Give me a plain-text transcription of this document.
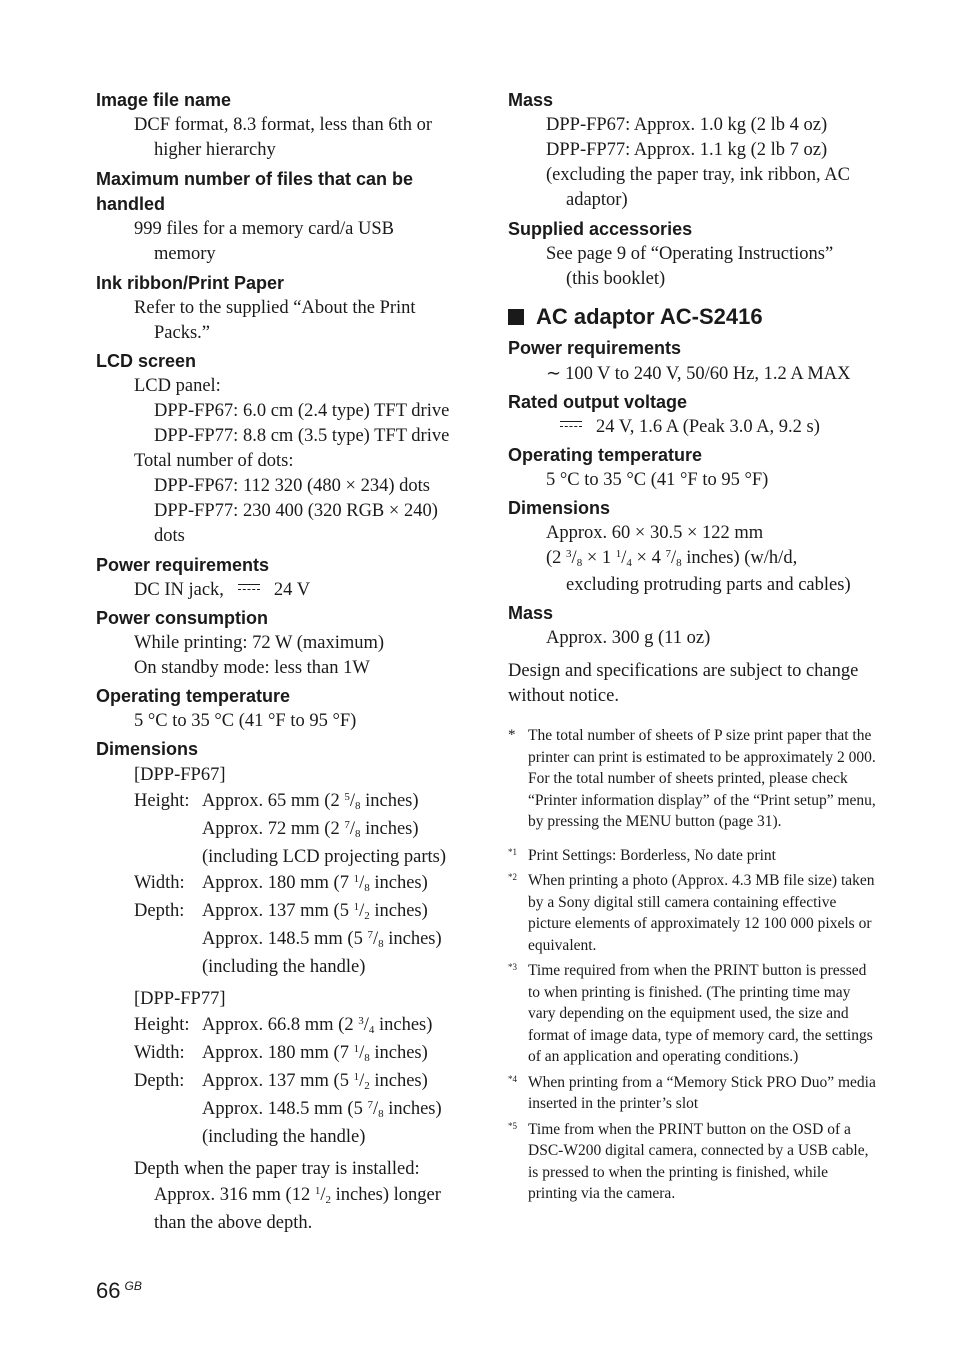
Image file name

DCF format, 8.3 format, less than 6th or

higher hierarchy

Maximum number of files that can be

handled

999 files for a memory card/a USB

memory

Ink ribbon/Print Paper

Refer to the supplied “About the Print

Packs.”

LCD screen

LCD panel:

DPP-FP67: 6.0 cm (2.4 type) TFT drive

DPP-FP77: 8.8 cm (3.5 type) TFT drive

Total number of dots:

DPP-FP67: 112 320 (480 × 234) dots

DPP-FP77: 230 400 (320 RGB × 240)

dots

Power requirements

DC IN jack,	24 V

Power consumption

While printing: 72 W (maximum)

On standby mode: less than 1W

Operating temperature

5 °C to 35 °C (41 °F to 95 °F)

Dimensions

[DPP-FP67]

Height: Approx. 65 mm (2 $^5$/8 inches)
Approx. 72 mm (2 $^7$/8 inches)
(including LCD projecting parts)
Width: Approx. 180 mm (7 $^1$/8 inches)
Depth: Approx. 137 mm (5 $^1$/2 inches)
Approx. 148.5 mm (5 $^7$/8 inches)
(including the handle)

[DPP-FP77]

Height: Approx. 66.8 mm (2 $^3$/4 inches)
Width: Approx. 180 mm (7 $^1$/8 inches)
Depth: Approx. 137 mm (5 $^1$/2 inches)
Approx. 148.5 mm (5 $^7$/8 inches)
(including the handle)

Depth when the paper tray is installed:

Approx. 316 mm (12 $^1$/2 inches) longer

than the above depth.

Mass

DPP-FP67: Approx. 1.0 kg (2 lb 4 oz)

DPP-FP77: Approx. 1.1 kg (2 lb 7 oz)

(excluding the paper tray, ink ribbon, AC

adaptor)

Supplied accessories

See page 9 of “Operating Instructions”

(this booklet)

AC adaptor AC-S2416

Power requirements

∼ 100 V to 240 V, 50/60 Hz, 1.2 A MAX

Rated output voltage

24 V, 1.6 A (Peak 3.0 A, 9.2 s)

Operating temperature

5 °C to 35 °C (41 °F to 95 °F)

Dimensions

Approx. 60 × 30.5 × 122 mm

(2 $^3$/8 × 1 $^1$/4 × 4 $^7$/8 inches) (w/h/d,

excluding protruding parts and cables)

Mass

Approx. 300 g (11 oz)

Design and specifications are subject to change

without notice.

* The total number of sheets of P size print paper that the printer can print is estimated to be approximately 2 000. For the total number of sheets printed, please check “Printer information display” of the “Print setup” menu, by pressing the MENU button (page 31).
*1 Print Settings: Borderless, No date print
*2 When printing a photo (Approx. 4.3 MB file size) taken by a Sony digital still camera containing effective picture elements of approximately 12 100 000 pixels or equivalent.
*3 Time required from when the PRINT button is pressed to when printing is finished. (The printing time may vary depending on the equipment used, the size and format of image data, type of memory card, the settings of an application and operating conditions.)
*4 When printing from a “Memory Stick PRO Duo” media inserted in the printer’s slot
*5 Time from when the PRINT button on the OSD of a DSC-W200 digital camera, connected by a USB cable, is pressed to when the printing is finished, while printing via the camera.
66 $^{GB}$
